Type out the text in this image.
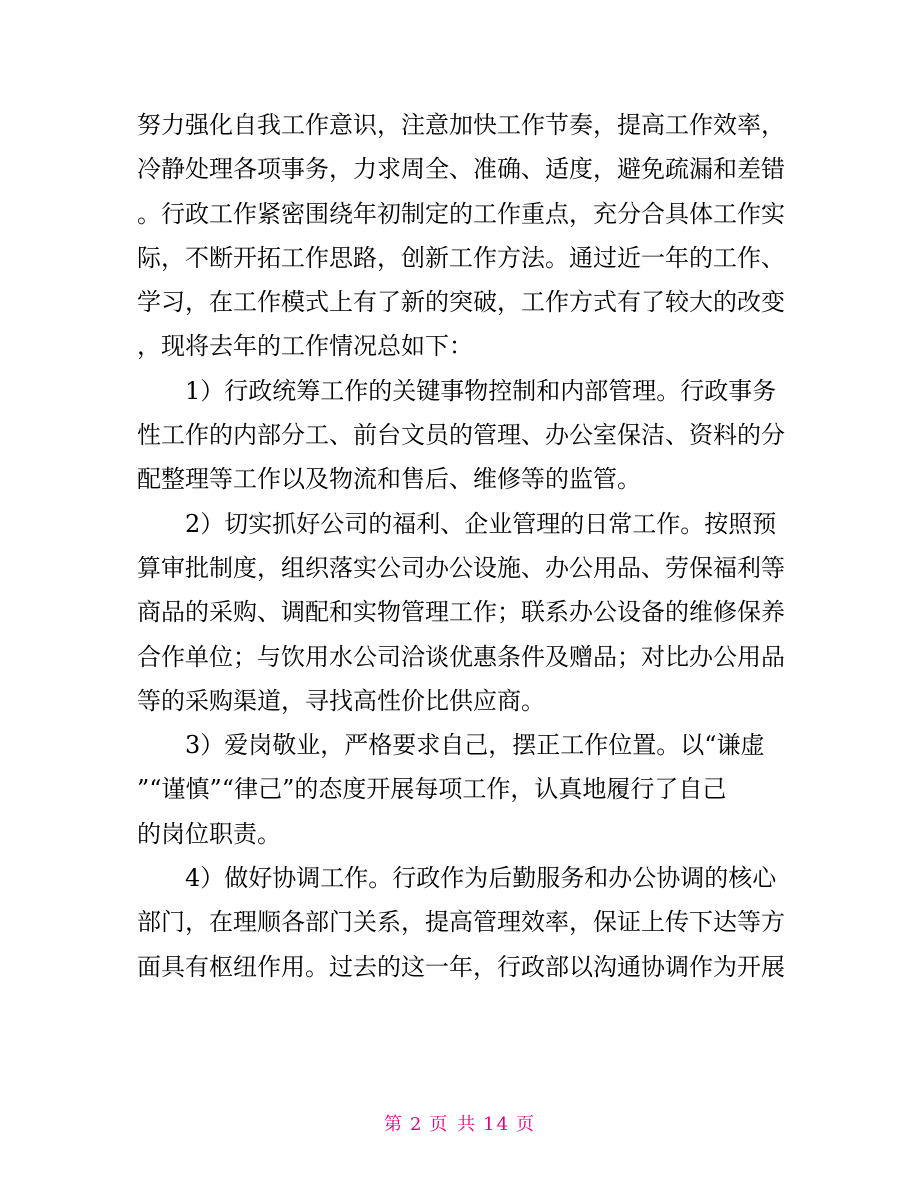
努力强化自我工作意识，注意加快工作节奏，提高工作效率，
冷静处理各项事务，力求周全、准确、适度，避免疏漏和差错
。行政工作紧密围绕年初制定的工作重点，充分合具体工作实
际，不断开拓工作思路，创新工作方法。通过近一年的工作、
学习，在工作模式上有了新的突破，工作方式有了较大的改变
，现将去年的工作情况总如下：
　　1）行政统筹工作的关键事物控制和内部管理。行政事务
性工作的内部分工、前台文员的管理、办公室保洁、资料的分
配整理等工作以及物流和售后、维修等的监管。
　　2）切实抓好公司的福利、企业管理的日常工作。按照预
算审批制度，组织落实公司办公设施、办公用品、劳保福利等
商品的采购、调配和实物管理工作；联系办公设备的维修保养
合作单位；与饮用水公司洽谈优惠条件及赠品；对比办公用品
等的采购渠道，寻找高性价比供应商。
　　3）爱岗敬业，严格要求自己，摆正工作位置。以“谦虚
”“谨慎”“律己”的态度开展每项工作，认真地履行了自己
的岗位职责。
　　4）做好协调工作。行政作为后勤服务和办公协调的核心
部门，在理顺各部门关系，提高管理效率，保证上传下达等方
面具有枢纽作用。过去的这一年，行政部以沟通协调作为开展
第 2 页 共 14 页
